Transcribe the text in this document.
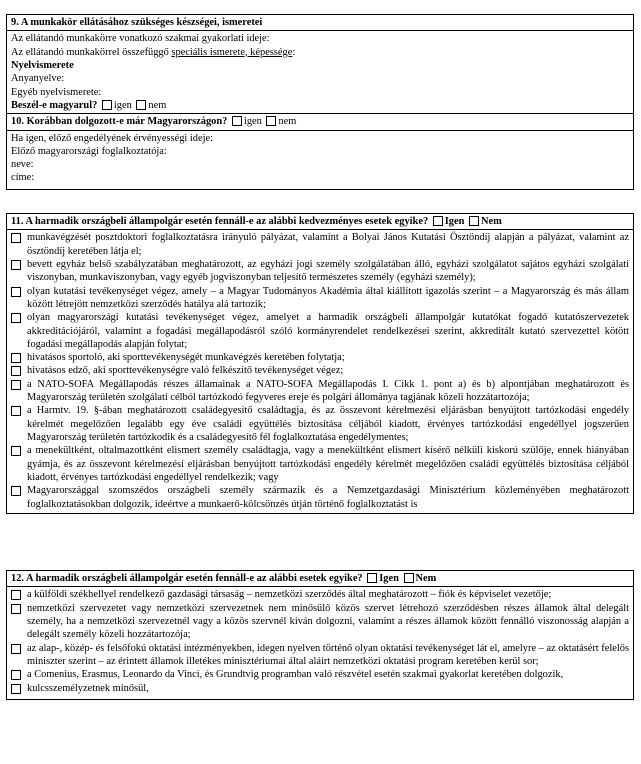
9. A munkakör ellátásához szükséges készségei, ismeretei
Az ellátandó munkakörre vonatkozó szakmai gyakorlati ideje:
Az ellátandó munkakörrel összefüggő speciális ismerete, képessége:
Nyelvismerete
Anyanyelve:
Egyéb nyelvismerete:
Beszél-e magyarul? igen nem
10. Korábban dolgozott-e már Magyarországon? igen nem
Ha igen, előző engedélyének érvényességi ideje:
Előző magyarországi foglalkoztatója:
neve:
címe:
11. A harmadik országbeli állampolgár esetén fennáll-e az alábbi kedvezményes esetek egyike? Igen Nem
munkavégzését posztdoktori foglalkoztatásra irányuló pályázat, valamint a Bolyai János Kutatási Ösztöndíj alapján a pályázat, valamint az ösztöndíj keretében látja el;
bevett egyház belső szabályzatában meghatározott, az egyházi jogi személy szolgálatában álló, egyházi szolgálatot sajátos egyházi szolgálati viszonyban, munkaviszonyban, vagy egyéb jogviszonyban teljesítő természetes személy (egyházi személy);
olyan kutatási tevékenységet végez, amely – a Magyar Tudományos Akadémia által kiállított igazolás szerint – a Magyarország és más állam között létrejött nemzetközi szerződés hatálya alá tartozik;
olyan magyarországi kutatási tevékenységet végez, amelyet a harmadik országbeli állampolgár kutatókat fogadó kutatószervezetek akkreditációjáról, valamint a fogadási megállapodásról szóló kormányrendelet rendelkezései szerint, akkreditált kutató szervezettel kötött fogadási megállapodás alapján folytat;
hivatásos sportoló, aki sporttevékenységét munkavégzés keretében folytatja;
hivatásos edző, aki sporttevékenységre való felkészítő tevékenységet végez;
a NATO-SOFA Megállapodás részes államainak a NATO-SOFA Megállapodás I. Cikk 1. pont a) és b) alpontjában meghatározott és Magyarország területén szolgálati célból tartózkodó fegyveres ereje és polgári állománya tagjának közeli hozzátartozója;
a Harmtv. 19. §-ában meghatározott családegyesítő családtagja, és az összevont kérelmezési eljárásban benyújtott tartózkodási engedély kérelmét megelőzően legalább egy éve családi együttélés biztosítása céljából kiadott, érvényes tartózkodási engedéllyel jogszerűen Magyarország területén tartózkodik és a családegyesítő fél foglalkoztatása engedélymentes;
a menekültként, oltalmazottként elismert személy családtagja, vagy a menekültként elismert kísérő nélküli kiskorú szülője, ennek hiányában gyámja, és az összevont kérelmezési eljárásban benyújtott tartózkodási engedély kérelmét megelőzően családi együttélés biztosítása céljából kiadott, érvényes tartózkodási engedéllyel rendelkezik; vagy
Magyarországgal szomszédos országbeli személy származik és a Nemzetgazdasági Minisztérium közleményében meghatározott foglalkoztatásokban dolgozik, ideértve a munkaerő-kölcsönzés útján történő foglalkoztatást is
12. A harmadik országbeli állampolgár esetén fennáll-e az alábbi esetek egyike? Igen Nem
a külföldi székhellyel rendelkező gazdasági társaság – nemzetközi szerződés által meghatározott – fiók és képviselet vezetője;
nemzetközi szervezetet vagy nemzetközi szervezetnek nem minősülő közös szervet létrehozó szerződésben részes államok által delegált személy, ha a nemzetközi szervezetnél vagy a közös szervnél kíván dolgozni, valamint a részes államok között fennálló viszonosság alapján a delegált személy közeli hozzátartozója;
az alap-, közép- és felsőfokú oktatási intézményekben, idegen nyelven történő olyan oktatási tevékenységet lát el, amelyre – az oktatásért felelős miniszter szerint – az érintett államok illetékes minisztériumai által aláírt nemzetközi oktatási program keretében kerül sor;
a Comenius, Erasmus, Leonardo da Vinci, és Grundtvig programban való részvétel esetén szakmai gyakorlat keretében dolgozik,
kulcsszemélyzetnek minősül,
